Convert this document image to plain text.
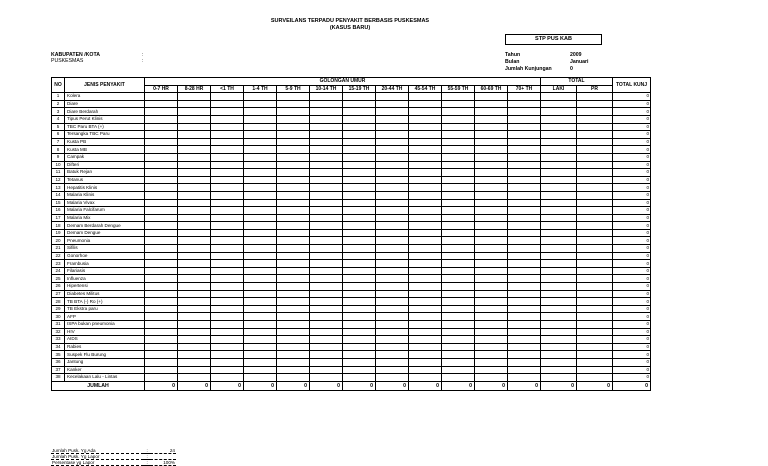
SURVEILANS TERPADU PENYAKIT BERBASIS PUSKESMAS
(KASUS BARU)
STP PUS KAB
KABUPATEN /KOTA	:
PUSKESMAS	:
Tahun	2009
Bulan	Januari
Jumlah Kunjungan	0
NO	JENIS PENYAKIT	GOLONGAN UMUR												TOTAL		TOTAL KUNJ
		0-7 HR	8-28 HR	<1 TH	1-4 TH	5-9 TH	10-14 TH	15-19 TH	20-44 TH	45-54 TH	55-59 TH	60-69 TH	70+ TH	LAKI	PR	
1	Kolera															0
2	Diare															0
3	Diare Berdarah															0
4	Tipus Perut Klinis															0
5	TBC Paru BTA (+)															0
6	Tersangka TBC Paru															0
7	Kusta PB															0
8	Kusta MB															0
9	Campak															0
10	Difteri															0
11	Batuk Rejan															0
12	Tetanus															0
13	Hepatitis Klinis															0
14	Malaria Klinis															0
15	Malaria Vivax															0
16	Malaria Falcifarum															0
17	Malaria Mix															0
18	Demam Berdarah Dengue															0
19	Demam Dengue															0
20	Pneumonia															0
21	Sifilis															0
22	Gonorhoe															0
23	Frambusia															0
24	Filariasis															0
25	Influenza															0
26	Hipertensi															0
27	Diabetes Militus															0
28	TB BTA (-) Ro (+)															0
29	TB Ekstra paru															0
30	AFP															0
31	ISPA bukan pneumonia															0
32	HIV															0
33	AIDS															0
34	Rabies															0
35	Suspek Flu Burung															0
36	Jantung															0
37	Kanker															0
38	Kecelakaan Lalu - Lintas															0
JUMLAH		0	0	0	0	0	0	0	0	0	0	0	0	0	0	0
Jumlah Pusk. Yg Ada	:	24
Jumlah Pusk. Yg Lapor	:	
Persentase yg Lapor	:	100%
